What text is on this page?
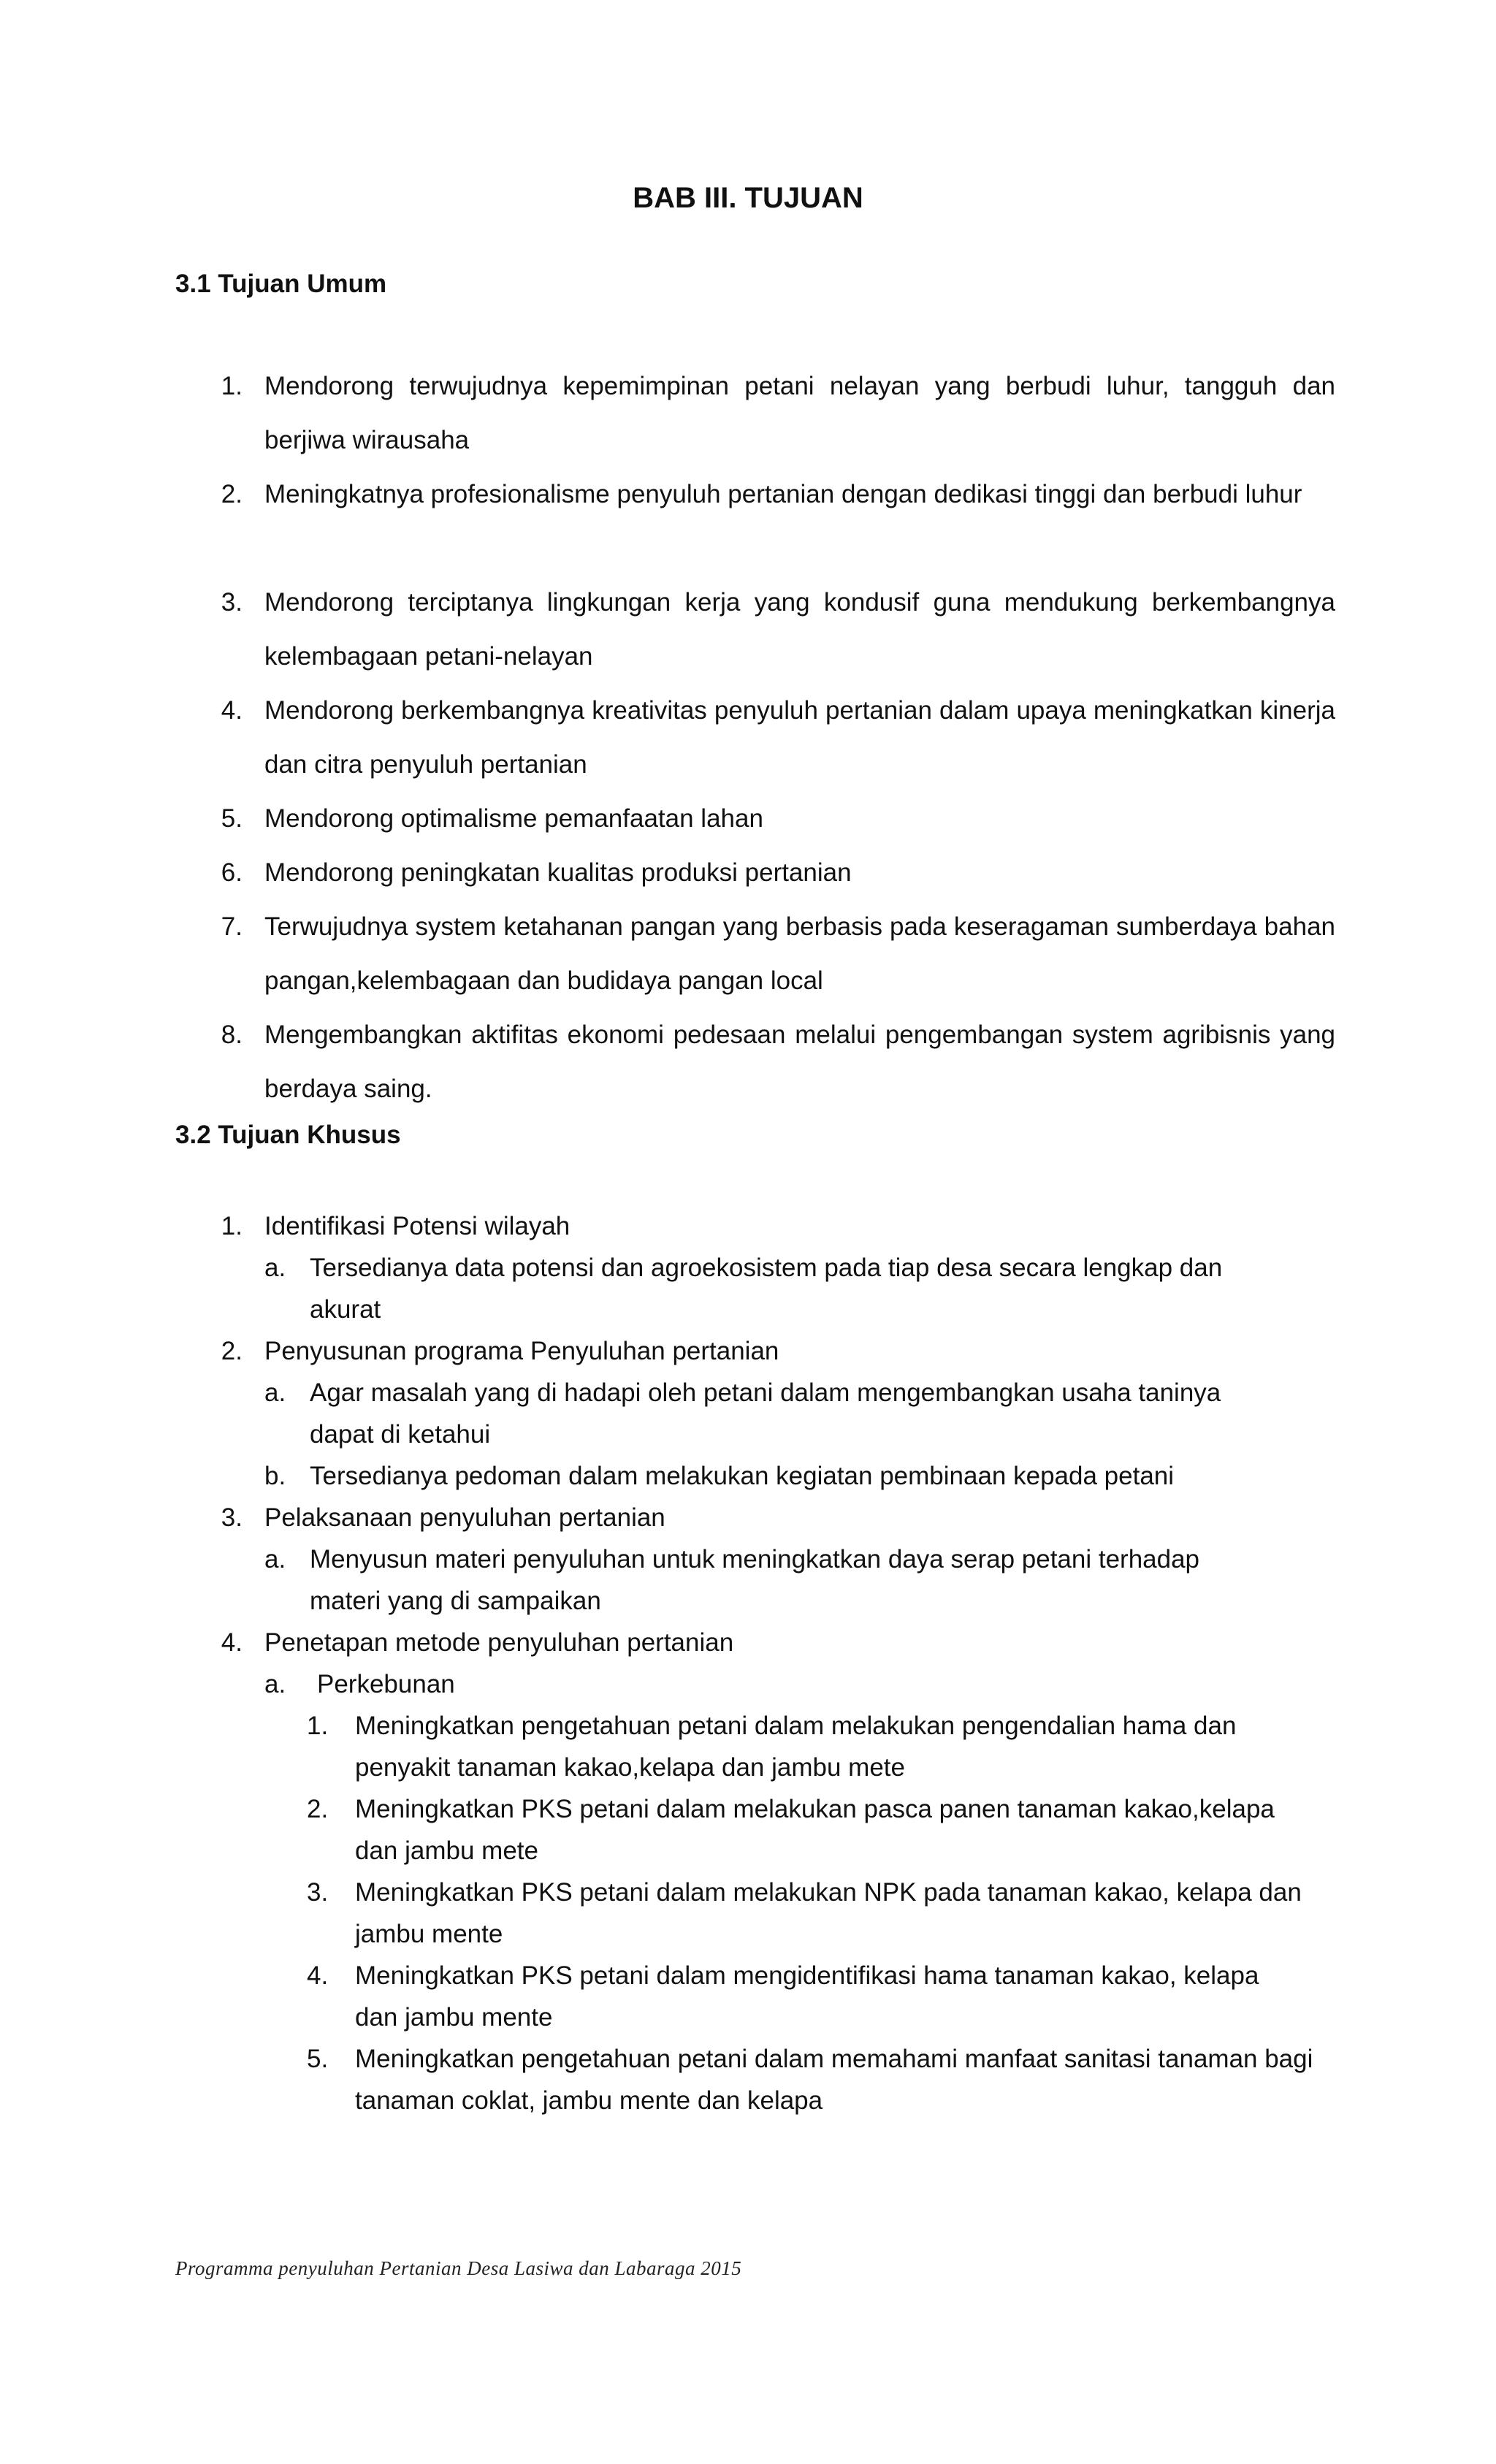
BAB III. TUJUAN
3.1 Tujuan Umum
1. Mendorong terwujudnya kepemimpinan petani nelayan yang berbudi luhur, tangguh dan berjiwa wirausaha
2. Meningkatnya profesionalisme penyuluh pertanian dengan dedikasi tinggi dan berbudi luhur
3. Mendorong terciptanya lingkungan kerja yang kondusif guna mendukung berkembangnya kelembagaan petani-nelayan
4. Mendorong berkembangnya kreativitas penyuluh pertanian dalam upaya meningkatkan kinerja dan citra penyuluh pertanian
5. Mendorong optimalisme pemanfaatan lahan
6. Mendorong peningkatan kualitas produksi pertanian
7. Terwujudnya system ketahanan pangan yang berbasis pada keseragaman sumberdaya bahan pangan,kelembagaan dan budidaya pangan local
8. Mengembangkan aktifitas ekonomi pedesaan melalui pengembangan system agribisnis yang berdaya saing.
3.2 Tujuan Khusus
1. Identifikasi Potensi wilayah
a. Tersedianya data potensi dan agroekosistem pada tiap desa secara lengkap dan akurat
2. Penyusunan programa Penyuluhan pertanian
a. Agar masalah yang di hadapi oleh petani dalam mengembangkan usaha taninya dapat di ketahui
b. Tersedianya pedoman dalam melakukan kegiatan pembinaan kepada petani
3. Pelaksanaan penyuluhan pertanian
a. Menyusun materi penyuluhan untuk meningkatkan daya serap petani terhadap materi yang di sampaikan
4. Penetapan metode penyuluhan pertanian
a. Perkebunan
1.	Meningkatkan pengetahuan petani dalam melakukan pengendalian hama dan penyakit tanaman kakao,kelapa dan jambu mete
2.	Meningkatkan PKS petani dalam melakukan pasca panen tanaman kakao,kelapa dan jambu mete
3.	Meningkatkan PKS petani dalam melakukan NPK pada tanaman kakao, kelapa dan jambu mente
4.	Meningkatkan PKS petani dalam mengidentifikasi hama tanaman kakao, kelapa dan jambu mente
5.	Meningkatkan pengetahuan petani dalam memahami manfaat sanitasi tanaman bagi tanaman coklat, jambu mente dan kelapa
Programma penyuluhan Pertanian Desa Lasiwa dan Labaraga 2015
